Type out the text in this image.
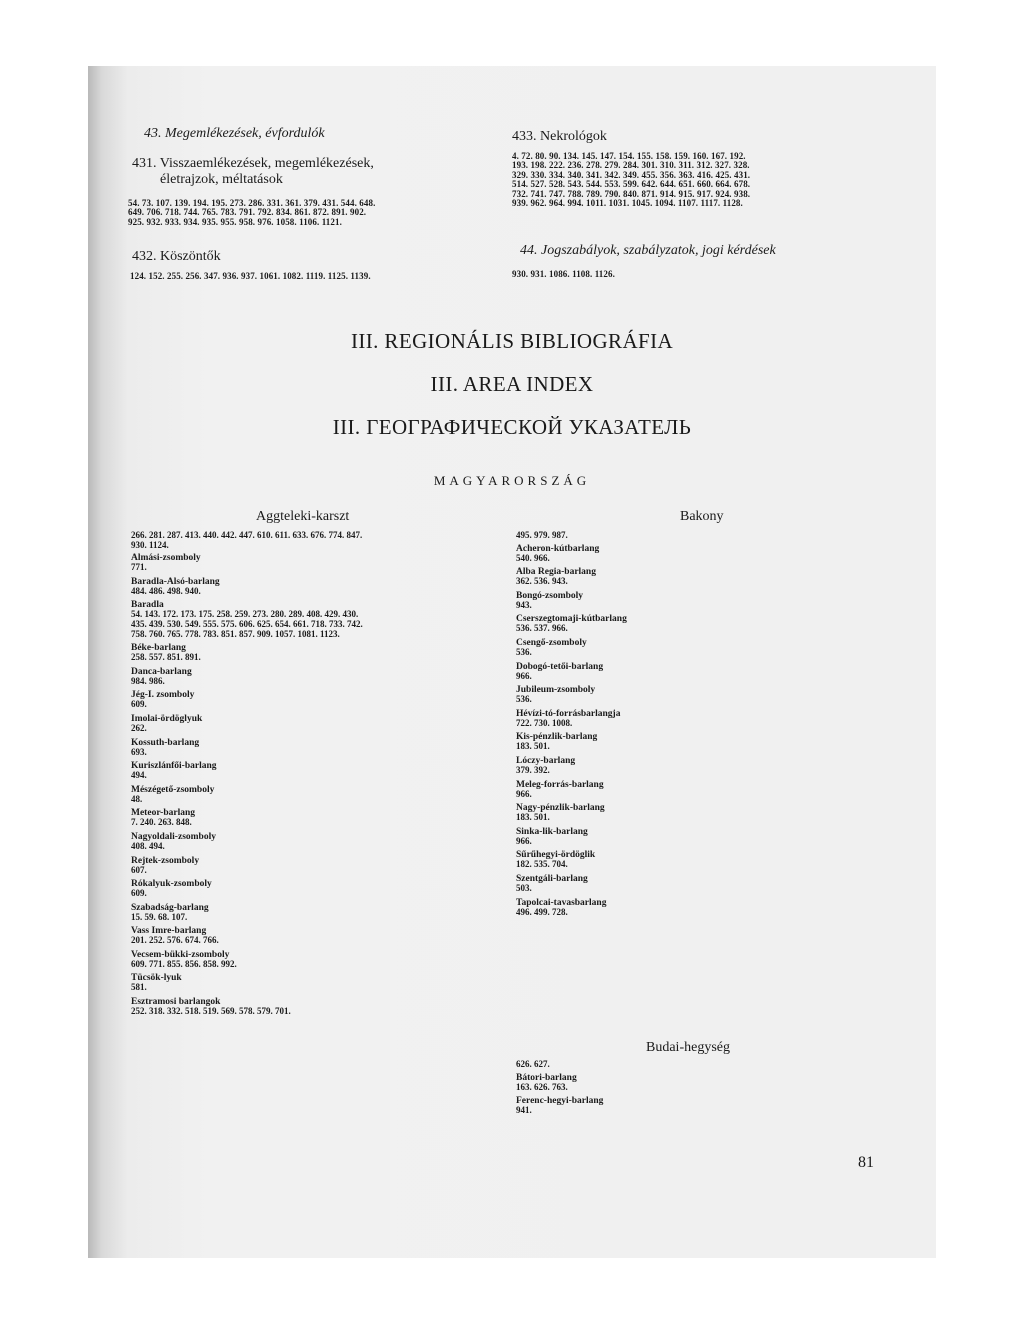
43. Megemlékezések, évfordulók
431. Visszaemlékezések, megemlékezések,
életrajzok, méltatások
54. 73. 107. 139. 194. 195. 273. 286. 331. 361. 379. 431. 544. 648.
649. 706. 718. 744. 765. 783. 791. 792. 834. 861. 872. 891. 902.
925. 932. 933. 934. 935. 955. 958. 976. 1058. 1106. 1121.
432. Köszöntők
124. 152. 255. 256. 347. 936. 937. 1061. 1082. 1119. 1125. 1139.
433. Nekrológok
4. 72. 80. 90. 134. 145. 147. 154. 155. 158. 159. 160. 167. 192.
193. 198. 222. 236. 278. 279. 284. 301. 310. 311. 312. 327. 328.
329. 330. 334. 340. 341. 342. 349. 455. 356. 363. 416. 425. 431.
514. 527. 528. 543. 544. 553. 599. 642. 644. 651. 660. 664. 678.
732. 741. 747. 788. 789. 790. 840. 871. 914. 915. 917. 924. 938.
939. 962. 964. 994. 1011. 1031. 1045. 1094. 1107. 1117. 1128.
44. Jogszabályok, szabályzatok, jogi kérdések
930. 931. 1086. 1108. 1126.
III. REGIONÁLIS BIBLIOGRÁFIA
III. AREA INDEX
III. ГЕОГРАФИЧЕСКОЙ УКАЗАТЕЛЬ
MAGYARORSZÁG
Aggteleki-karszt
266. 281. 287. 413. 440. 442. 447. 610. 611. 633. 676. 774. 847.
930. 1124.
Almási-zsomboly
771.
Baradla-Alsó-barlang
484. 486. 498. 940.
Baradla
54. 143. 172. 173. 175. 258. 259. 273. 280. 289. 408. 429. 430.
435. 439. 530. 549. 555. 575. 606. 625. 654. 661. 718. 733. 742.
758. 760. 765. 778. 783. 851. 857. 909. 1057. 1081. 1123.
Béke-barlang
258. 557. 851. 891.
Danca-barlang
984. 986.
Jég-I. zsomboly
609.
Imolai-ördöglyuk
262.
Kossuth-barlang
693.
Kuriszlánfői-barlang
494.
Mészégető-zsomboly
48.
Meteor-barlang
7. 240. 263. 848.
Nagyoldali-zsomboly
408. 494.
Rejtek-zsomboly
607.
Rókalyuk-zsomboly
609.
Szabadság-barlang
15. 59. 68. 107.
Vass Imre-barlang
201. 252. 576. 674. 766.
Vecsem-bükki-zsomboly
609. 771. 855. 856. 858. 992.
Tücsök-lyuk
581.
Esztramosi barlangok
252. 318. 332. 518. 519. 569. 578. 579. 701.
Bakony
495. 979. 987.
Acheron-kútbarlang
540. 966.
Alba Regia-barlang
362. 536. 943.
Bongó-zsomboly
943.
Cserszegtomaji-kútbarlang
536. 537. 966.
Csengő-zsomboly
536.
Dobogó-tetői-barlang
966.
Jubileum-zsomboly
536.
Hévízi-tó-forrásbarlangja
722. 730. 1008.
Kis-pénzlik-barlang
183. 501.
Lóczy-barlang
379. 392.
Meleg-forrás-barlang
966.
Nagy-pénzlik-barlang
183. 501.
Sinka-lik-barlang
966.
Sűrűhegyi-ördöglik
182. 535. 704.
Szentgáli-barlang
503.
Tapolcai-tavasbarlang
496. 499. 728.
Budai-hegység
626. 627.
Bátori-barlang
163. 626. 763.
Ferenc-hegyi-barlang
941.
81
